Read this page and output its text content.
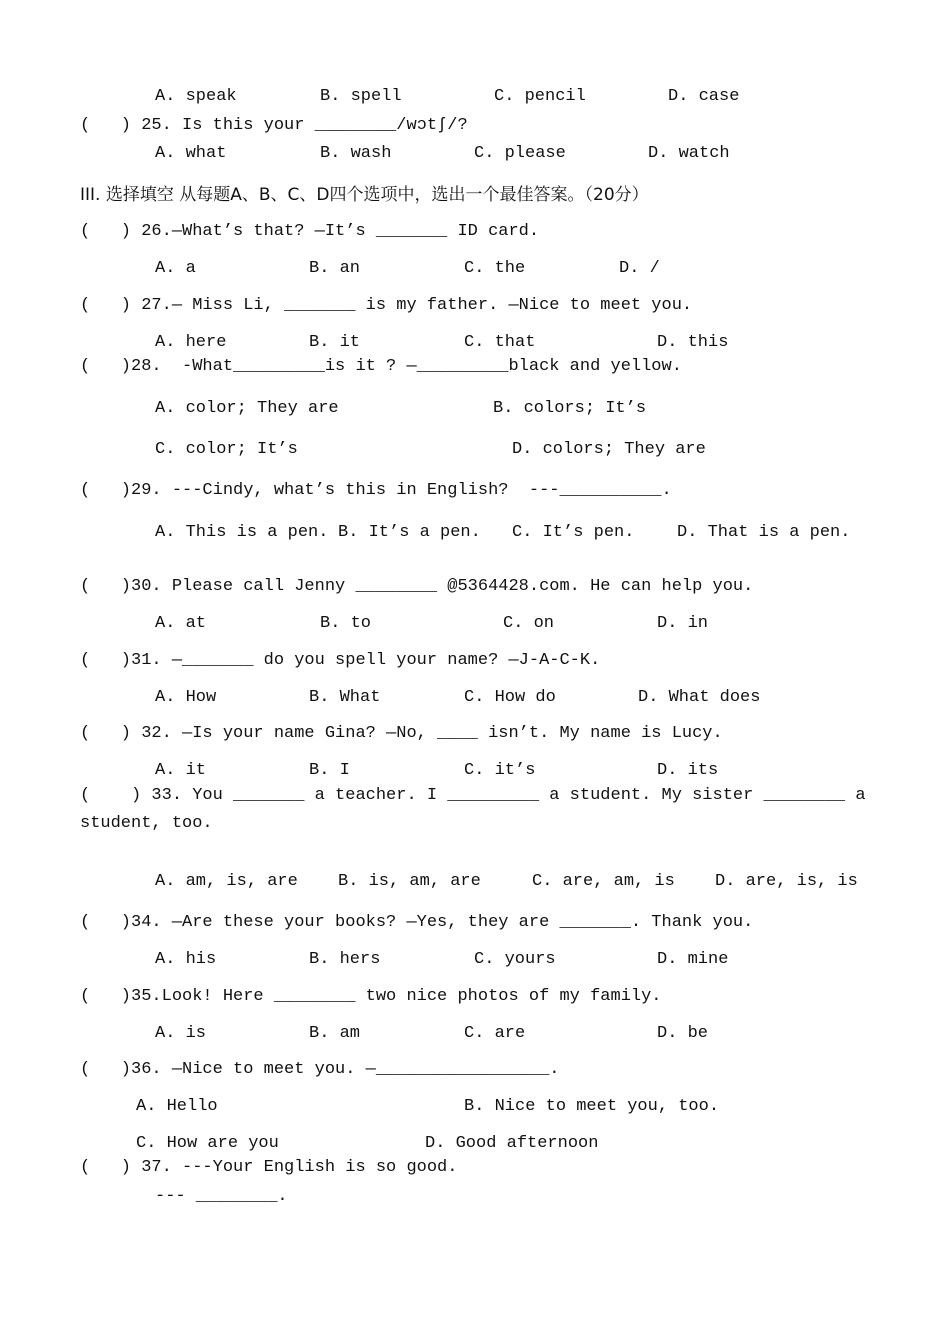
A. speak	B. spell	C. pencil	D. case
(   ) 25. Is this your ________/wɔtʃ/?
A. what	B. wash	C. please	D. watch
III. 选择填空 从每题A、B、C、D四个选项中，选出一个最佳答案。（20分）
(   ) 26.—What’s that? —It’s _______ ID card.
A. a	B. an	C. the	D. /
(   ) 27.— Miss Li, _______ is my father. —Nice to meet you.
A. here	B. it	C. that	D. this
(   )28.  -What_________is it ? —_________black and yellow.
A. color; They are	B. colors; It’s
C. color; It’s	D. colors; They are
(   )29. ---Cindy, what’s this in English?  ---__________.
A. This is a pen. B. It’s a pen. C. It’s pen.	D. That is a pen.
(   )30. Please call Jenny ________ @5364428.com. He can help you.
A. at	B. to	C. on	D. in
(   )31. —_______ do you spell your name? —J-A-C-K.
A. How	B. What	C. How do	D. What does
(   ) 32. —Is your name Gina? —No, ____ isn’t. My name is Lucy.
A. it	B. I	C. it’s	D. its
(    ) 33. You _______ a teacher. I _________ a student. My sister ________ a
student, too.
A. am, is, are B. is, am, are	C. are, am, is D. are, is, is
(   )34. —Are these your books? —Yes, they are _______. Thank you.
A. his	B. hers	C. yours	D. mine
(   )35.Look! Here ________ two nice photos of my family.
A. is	B. am	C. are	D. be
(   )36. —Nice to meet you. —_________________.
A. Hello	B. Nice to meet you, too.
C. How are you	D. Good afternoon
(   ) 37. ---Your English is so good.
--- ________.
